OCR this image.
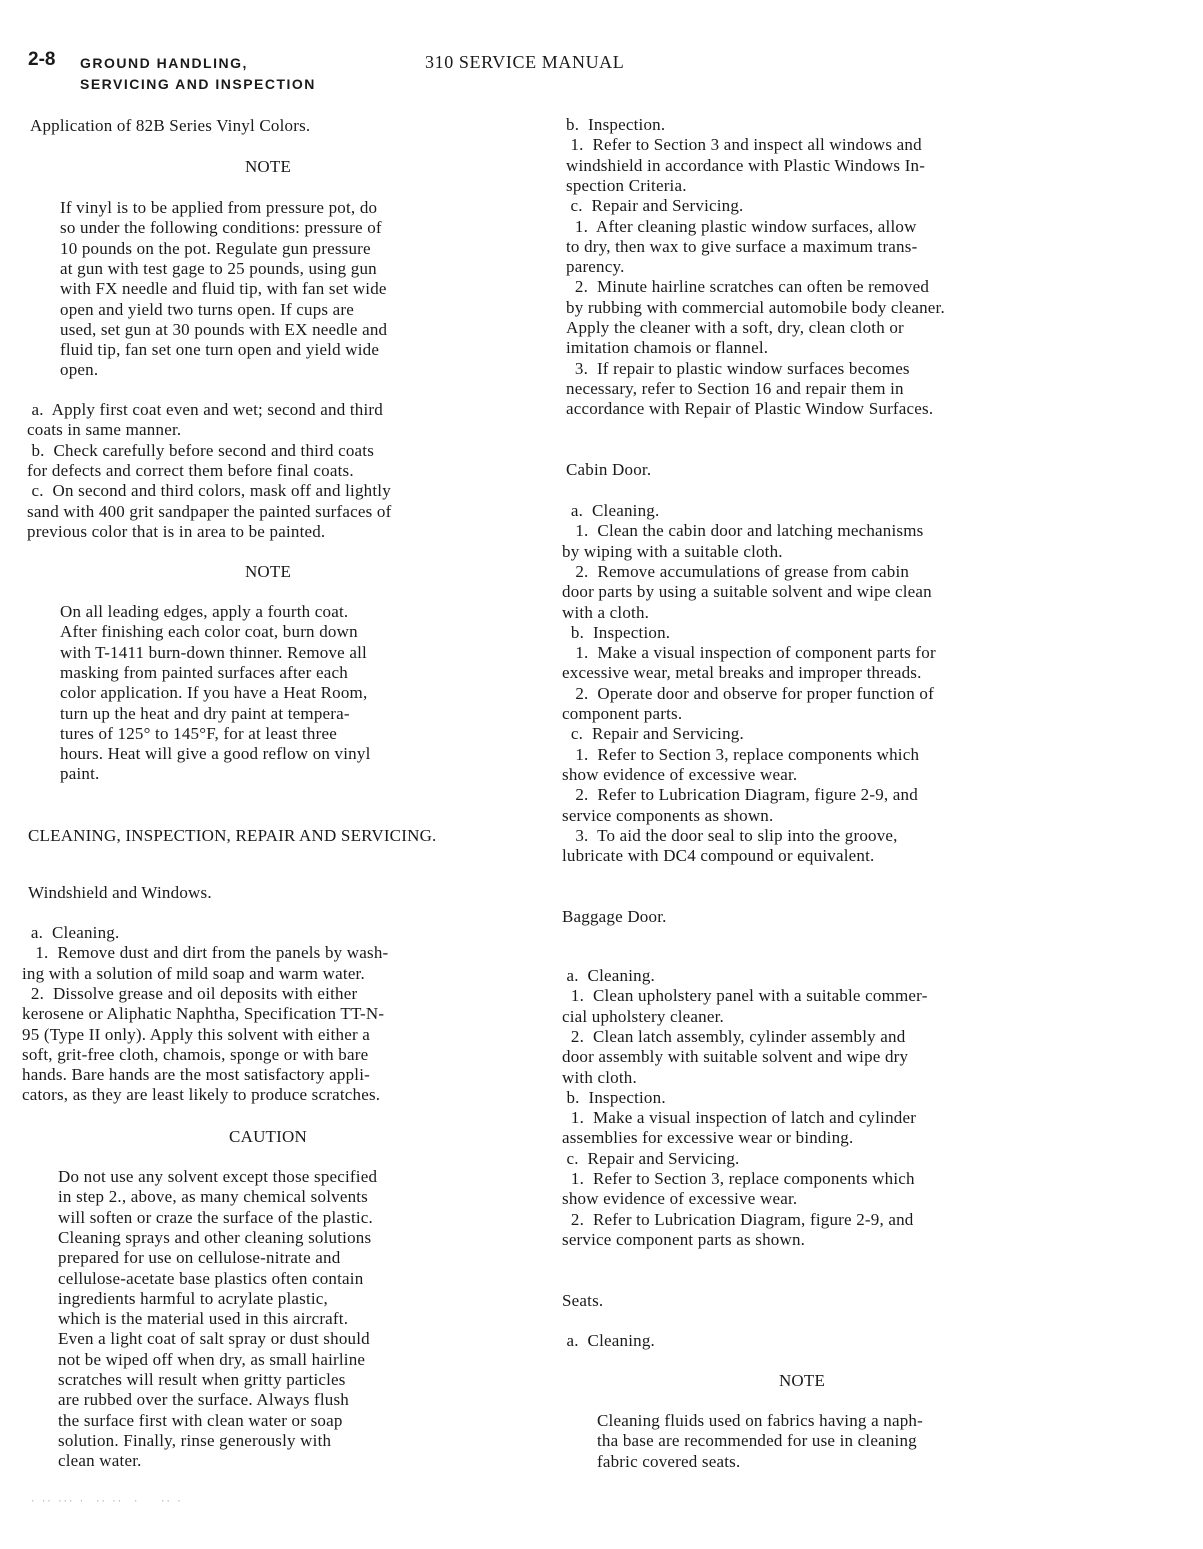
2-8 GROUND HANDLING,
SERVICING AND INSPECTION
310 SERVICE MANUAL
Application of 82B Series Vinyl Colors.
NOTE
NOTE
CLEANING, INSPECTION, REPAIR AND SERVICING.
Windshield and Windows.
CAUTION
Cabin Door.
Baggage Door.
Seats.
a.  Cleaning.
NOTE
· ·· ··· ·  ·· ··  ·    ·· ·
If vinyl is to be applied from pressure pot, do
so under the following conditions: pressure of
10 pounds on the pot. Regulate gun pressure
at gun with test gage to 25 pounds, using gun
with FX needle and fluid tip, with fan set wide
open and yield two turns open. If cups are
used, set gun at 30 pounds with EX needle and
fluid tip, fan set one turn open and yield wide
open.
a.  Apply first coat even and wet; second and third
coats in same manner.
b.  Check carefully before second and third coats
for defects and correct them before final coats.
c.  On second and third colors, mask off and lightly
sand with 400 grit sandpaper the painted surfaces of
previous color that is in area to be painted.
On all leading edges, apply a fourth coat.
After finishing each color coat, burn down
with T-1411 burn-down thinner. Remove all
masking from painted surfaces after each
color application. If you have a Heat Room,
turn up the heat and dry paint at tempera-
tures of 125° to 145°F, for at least three
hours. Heat will give a good reflow on vinyl
paint.
a.  Cleaning.
1.  Remove dust and dirt from the panels by wash-
ing with a solution of mild soap and warm water.
2.  Dissolve grease and oil deposits with either
kerosene or Aliphatic Naphtha, Specification TT-N-
95 (Type II only). Apply this solvent with either a
soft, grit-free cloth, chamois, sponge or with bare
hands. Bare hands are the most satisfactory appli-
cators, as they are least likely to produce scratches.
Do not use any solvent except those specified
in step 2., above, as many chemical solvents
will soften or craze the surface of the plastic.
Cleaning sprays and other cleaning solutions
prepared for use on cellulose-nitrate and
cellulose-acetate base plastics often contain
ingredients harmful to acrylate plastic,
which is the material used in this aircraft.
Even a light coat of salt spray or dust should
not be wiped off when dry, as small hairline
scratches will result when gritty particles
are rubbed over the surface. Always flush
the surface first with clean water or soap
solution. Finally, rinse generously with
clean water.
b.  Inspection.
1.  Refer to Section 3 and inspect all windows and
windshield in accordance with Plastic Windows In-
spection Criteria.
c.  Repair and Servicing.
1.  After cleaning plastic window surfaces, allow
to dry, then wax to give surface a maximum trans-
parency.
2.  Minute hairline scratches can often be removed
by rubbing with commercial automobile body cleaner.
Apply the cleaner with a soft, dry, clean cloth or
imitation chamois or flannel.
3.  If repair to plastic window surfaces becomes
necessary, refer to Section 16 and repair them in
accordance with Repair of Plastic Window Surfaces.
a.  Cleaning.
1.  Clean the cabin door and latching mechanisms
by wiping with a suitable cloth.
2.  Remove accumulations of grease from cabin
door parts by using a suitable solvent and wipe clean
with a cloth.
b.  Inspection.
1.  Make a visual inspection of component parts for
excessive wear, metal breaks and improper threads.
2.  Operate door and observe for proper function of
component parts.
c.  Repair and Servicing.
1.  Refer to Section 3, replace components which
show evidence of excessive wear.
2.  Refer to Lubrication Diagram, figure 2-9, and
service components as shown.
3.  To aid the door seal to slip into the groove,
lubricate with DC4 compound or equivalent.
a.  Cleaning.
1.  Clean upholstery panel with a suitable commer-
cial upholstery cleaner.
2.  Clean latch assembly, cylinder assembly and
door assembly with suitable solvent and wipe dry
with cloth.
b.  Inspection.
1.  Make a visual inspection of latch and cylinder
assemblies for excessive wear or binding.
c.  Repair and Servicing.
1.  Refer to Section 3, replace components which
show evidence of excessive wear.
2.  Refer to Lubrication Diagram, figure 2-9, and
service component parts as shown.
Cleaning fluids used on fabrics having a naph-
tha base are recommended for use in cleaning
fabric covered seats.
